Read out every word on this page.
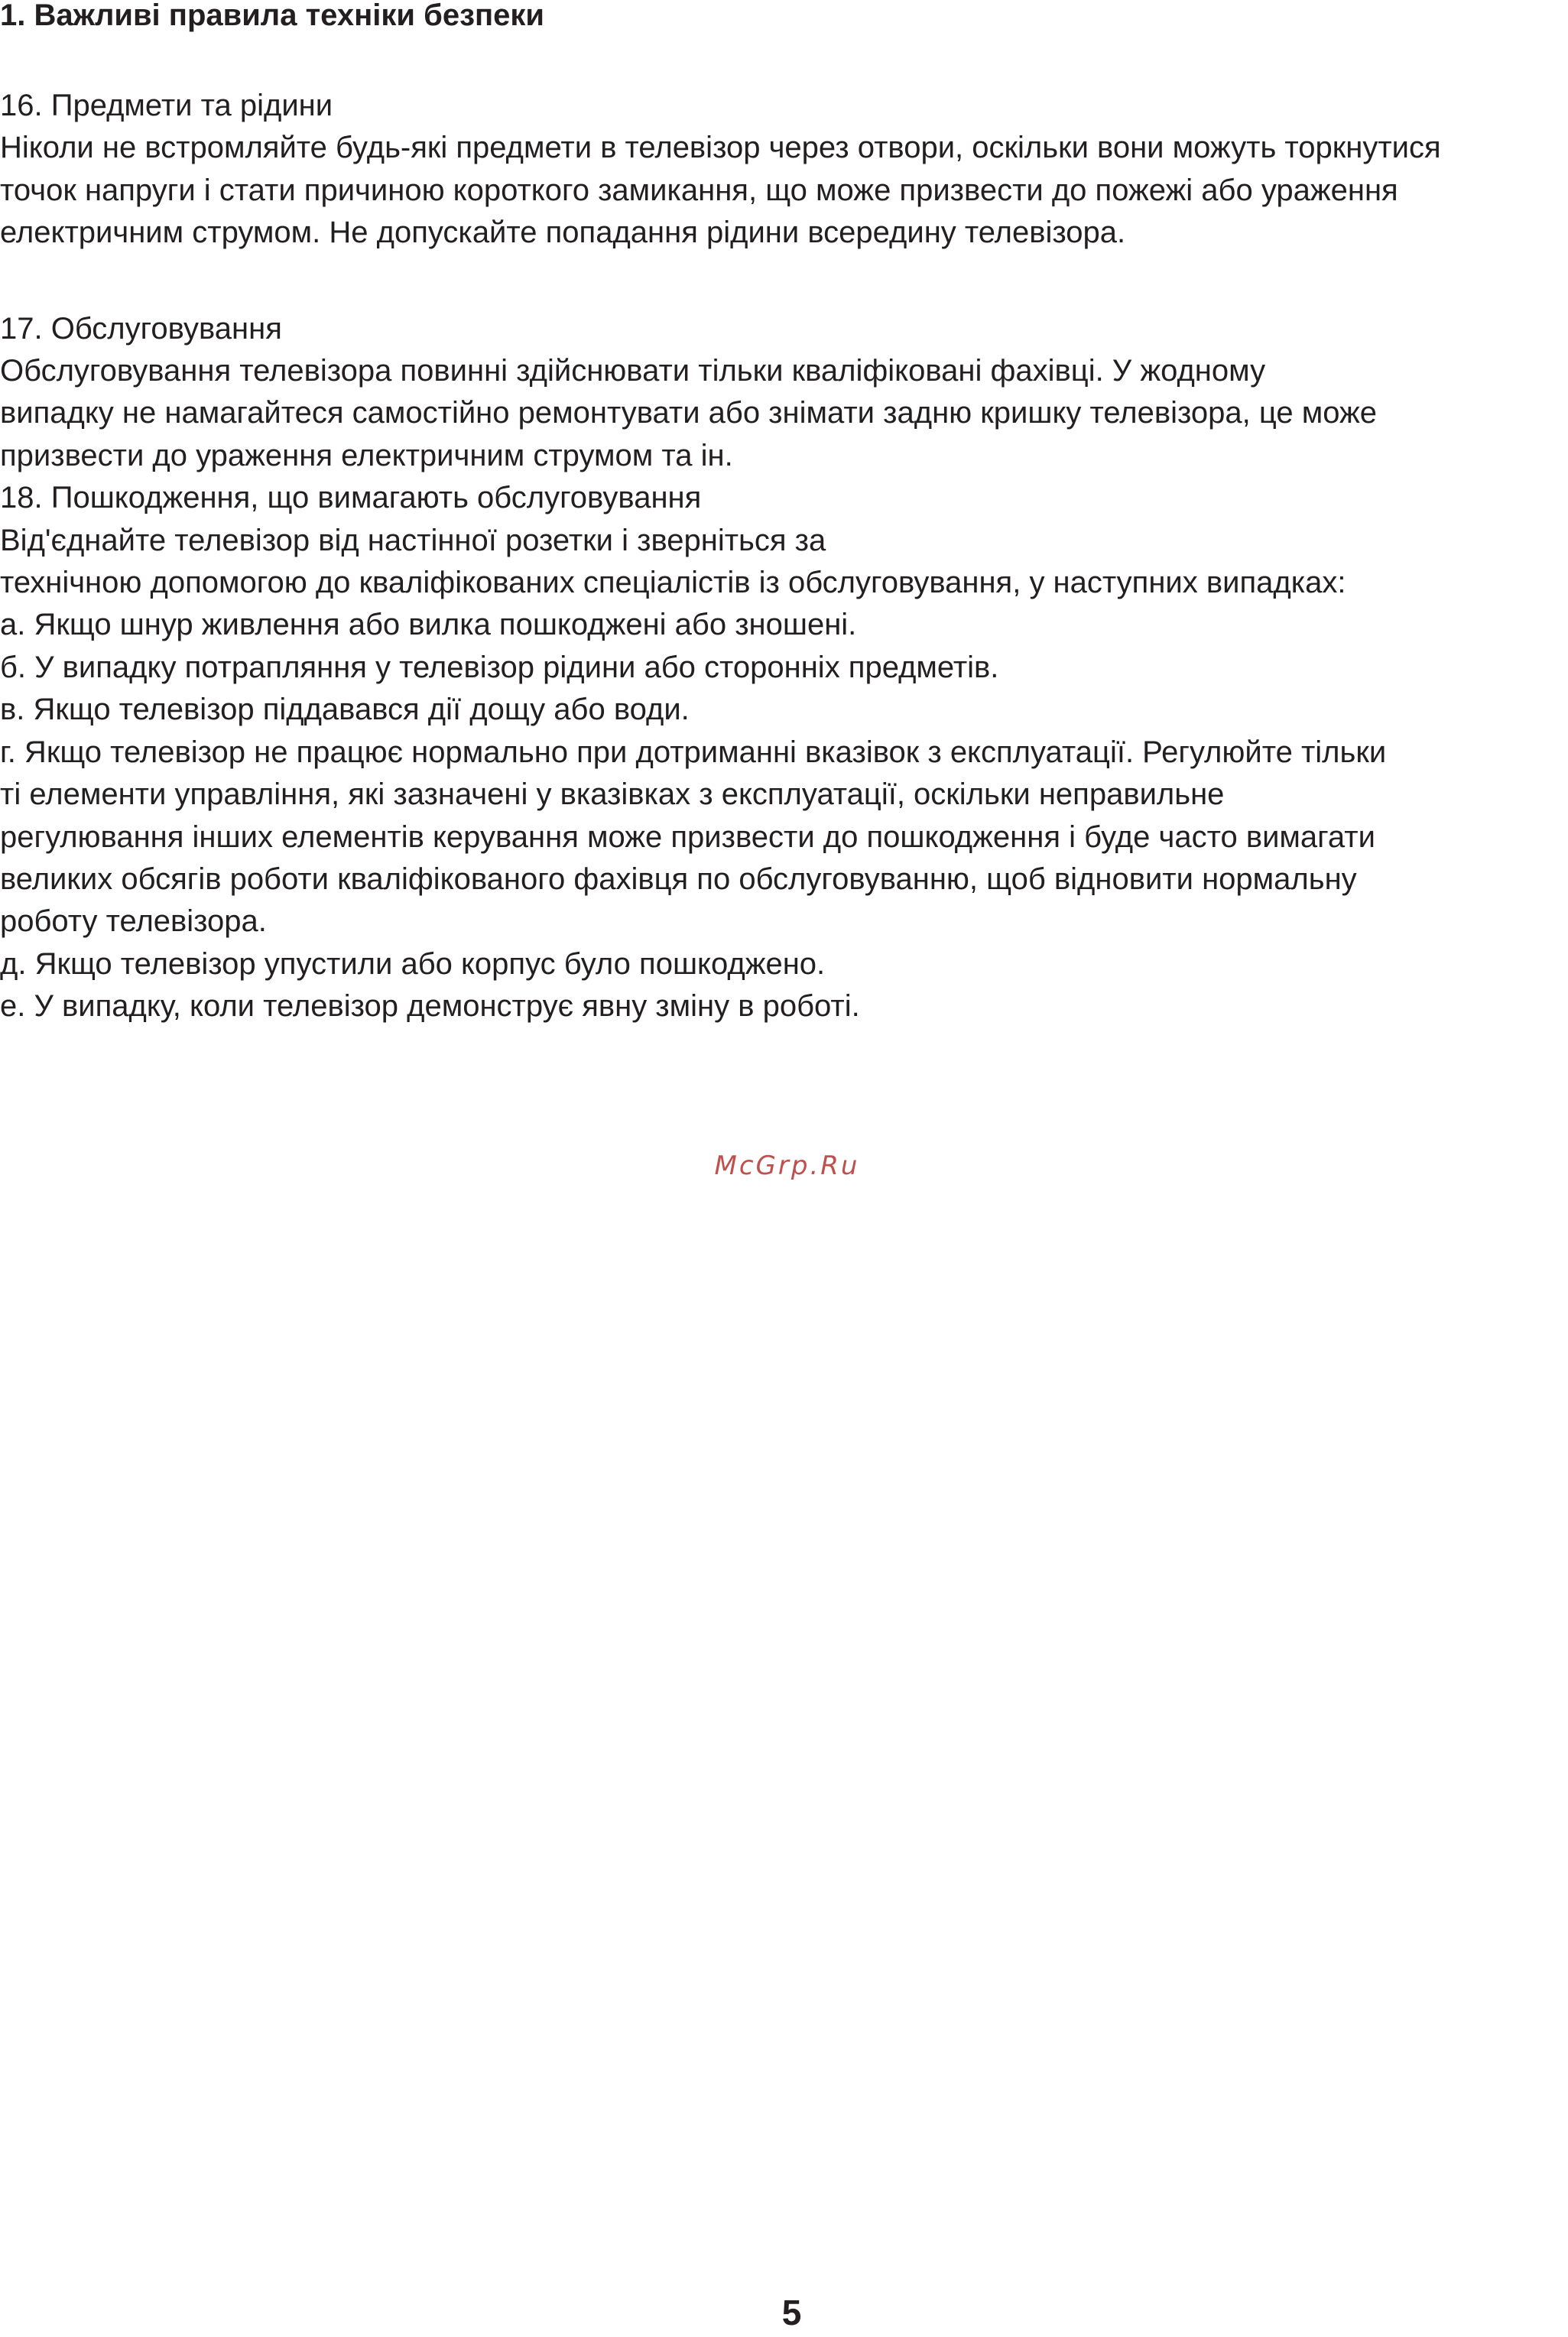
1. Важливі правила техніки безпеки
16. Предмети та рідини
Ніколи не встромляйте будь-які предмети в телевізор через отвори, оскільки вони можуть торкнутися
точок напруги і стати причиною короткого замикання, що може призвести до пожежі або ураження
електричним струмом. Не допускайте попадання рідини всередину телевізора.
17. Обслуговування
Обслуговування телевізора повинні здійснювати тільки кваліфіковані фахівці. У жодному
випадку не намагайтеся самостійно ремонтувати або знімати задню кришку телевізора, це може
призвести до ураження електричним струмом та ін.
18. Пошкодження, що вимагають обслуговування
Від'єднайте телевізор від настінної розетки і зверніться за
технічною допомогою до кваліфікованих спеціалістів із обслуговування, у наступних випадках:
а. Якщо шнур живлення або вилка пошкоджені або зношені.
б. У випадку потрапляння у телевізор рідини або сторонніх предметів.
в. Якщо телевізор піддавався дії дощу або води.
г. Якщо телевізор не працює нормально при дотриманні вказівок з експлуатації. Регулюйте тільки
ті елементи управління, які зазначені у вказівках з експлуатації, оскільки неправильне
регулювання інших елементів керування може призвести до пошкодження і буде часто вимагати
великих обсягів роботи кваліфікованого фахівця по обслуговуванню, щоб відновити нормальну
роботу телевізора.
д. Якщо телевізор упустили або корпус було пошкоджено.
е. У випадку, коли телевізор демонструє явну зміну в роботі.
McGrp.Ru
5
